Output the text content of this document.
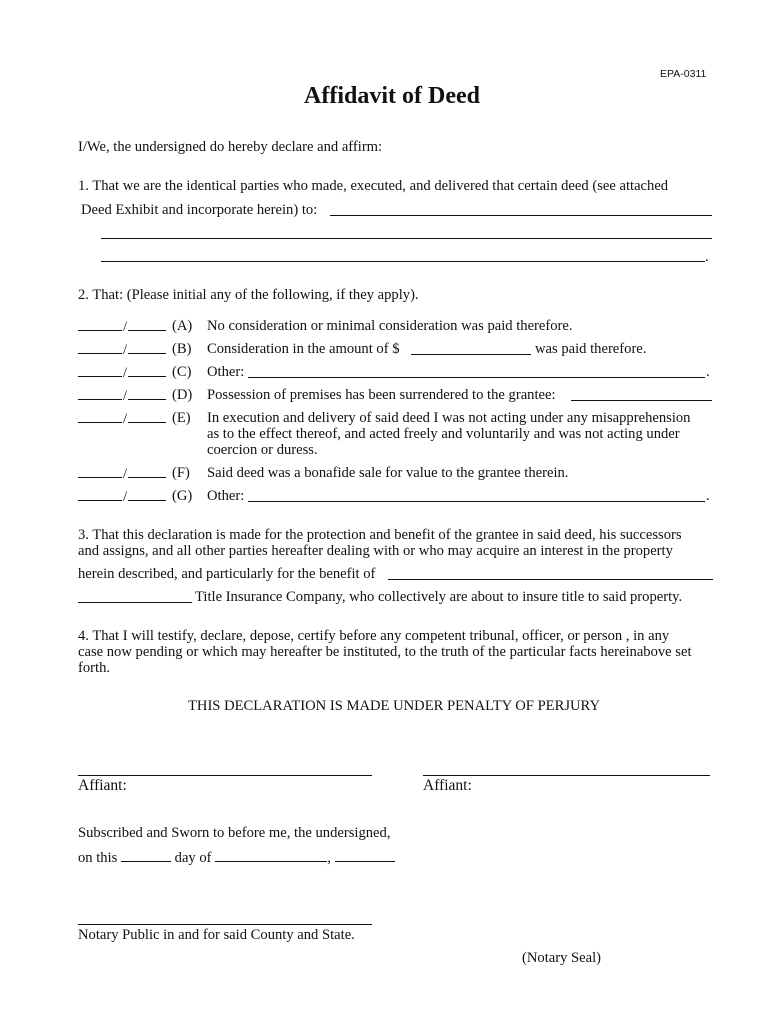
EPA-0311
Affidavit of Deed
I/We, the undersigned do hereby declare and affirm:
1. That we are the identical parties who made, executed, and delivered that certain deed (see attached
Deed Exhibit and incorporate herein) to:
.
2. That: (Please initial any of the following, if they apply).
/	(A) No consideration or minimal consideration was paid therefore.
/	(B) Consideration in the amount of $	was paid therefore.
/	(C) Other:	.
/	(D) Possession of premises has been surrendered to the grantee:
/	(E) In execution and delivery of said deed I was not acting under any misapprehension
as to the effect thereof, and acted freely and voluntarily and was not acting under
coercion or duress.
/	(F) Said deed was a bonafide sale for value to the grantee therein.
/	(G) Other:	.
3. That this declaration is made for the protection and benefit of the grantee in said deed, his successors
and assigns, and all other parties hereafter dealing with or who may acquire an interest in the property
herein described, and particularly for the benefit of
Title Insurance Company, who collectively are about to insure title to said property.
4. That I will testify, declare, depose, certify before any competent tribunal, officer, or person , in any
case now pending or which may hereafter be instituted, to the truth of the particular facts hereinabove set
forth.
THIS DECLARATION IS MADE UNDER PENALTY OF PERJURY
Affiant:	Affiant:
Subscribed and Sworn to before me, the undersigned,
on this	day of	,
Notary Public in and for said County and State.
(Notary Seal)
